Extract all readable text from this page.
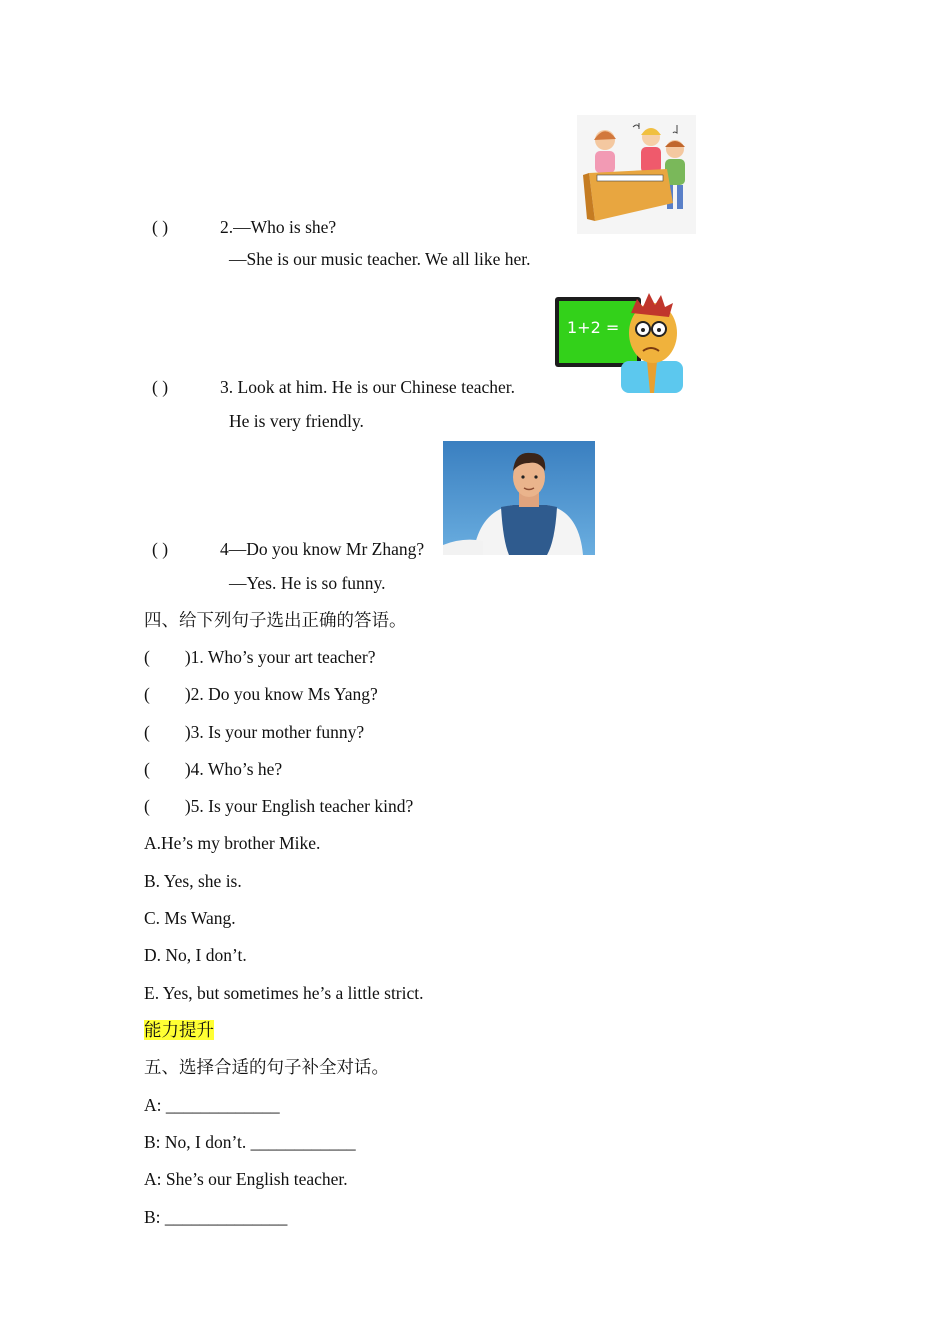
( )	2.—Who is she?
—She is our music teacher. We all like her.
( )	3. Look at him. He is our Chinese teacher.
He is very friendly.
1+2 =
( )	4—Do you know Mr Zhang?
—Yes. He is so funny.
四、给下列句子选出正确的答语。
(        )1. Who’s your art teacher?
(        )2. Do you know Ms Yang?
(        )3. Is your mother funny?
(        )4. Who’s he?
(        )5. Is your English teacher kind?
A.He’s my brother Mike.
B. Yes, she is.
C. Ms Wang.
D. No, I don’t.
E. Yes, but sometimes he’s a little strict.
能力提升
五、选择合适的句子补全对话。
A: _____________
B: No, I don’t. ____________
A: She’s our English teacher.
B: ______________
